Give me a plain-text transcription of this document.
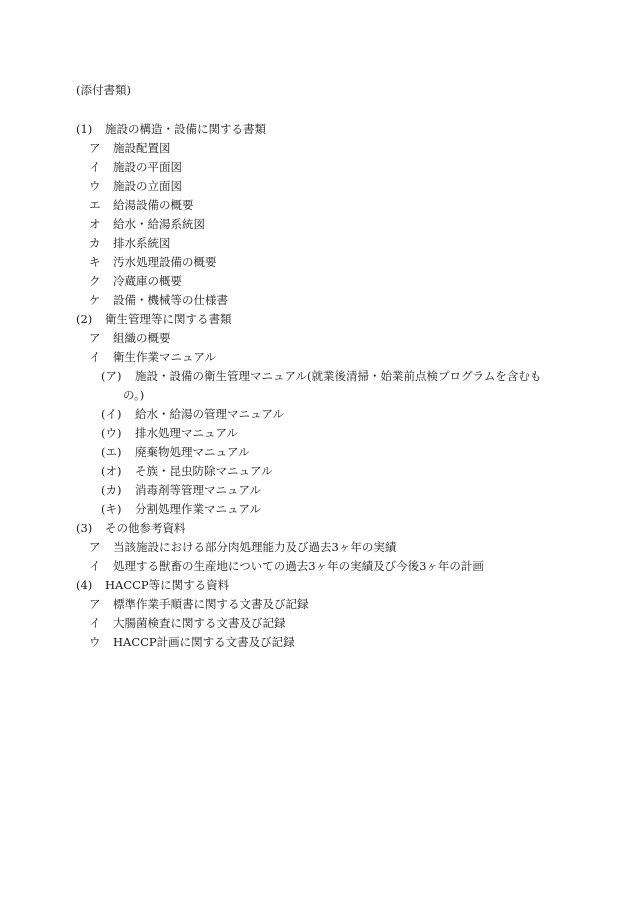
(添付書類)
(1) 施設の構造・設備に関する書類
ア 施設配置図
イ 施設の平面図
ウ 施設の立面図
エ 給湯設備の概要
オ 給水・給湯系統図
カ 排水系統図
キ 汚水処理設備の概要
ク 冷蔵庫の概要
ケ 設備・機械等の仕様書
(2) 衛生管理等に関する書類
ア 組織の概要
イ 衛生作業マニュアル
(ア) 施設・設備の衛生管理マニュアル(就業後清掃・始業前点検プログラムを含むも
の。)
(イ) 給水・給湯の管理マニュアル
(ウ) 排水処理マニュアル
(エ) 廃棄物処理マニュアル
(オ) そ族・昆虫防除マニュアル
(カ) 消毒剤等管理マニュアル
(キ) 分割処理作業マニュアル
(3) その他参考資料
ア 当該施設における部分肉処理能力及び過去3ヶ年の実績
イ 処理する獣畜の生産地についての過去3ヶ年の実績及び今後3ヶ年の計画
(4) HACCP等に関する資料
ア 標準作業手順書に関する文書及び記録
イ 大腸菌検査に関する文書及び記録
ウ HACCP計画に関する文書及び記録
